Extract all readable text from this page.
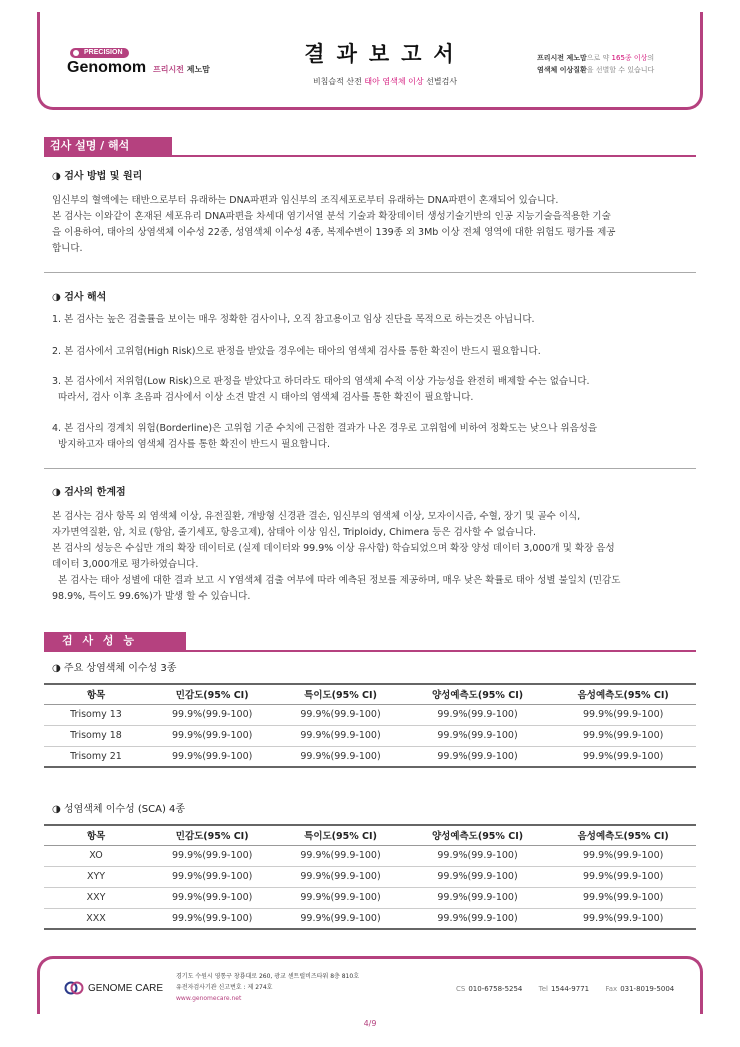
PRECISION
Genomom 프리시전 제노맘
결과보고서
비침습적 산전 태아 염색체 이상 선별검사
프리시전 제노맘으로 약 165종 이상의
염색체 이상질환을 선별할 수 있습니다
검사 설명 / 해석
◑ 검사 방법 및 원리
임신부의 혈액에는 태반으로부터 유래하는 DNA파편과 임신부의 조직세포로부터 유래하는 DNA파편이 혼재되어 있습니다.
본 검사는 이와같이 혼재된 세포유리 DNA파편을 차세대 염기서열 분석 기술과 확장데이터 생성기술기반의 인공 지능기술을적용한 기술
을 이용하여, 태아의 상염색체 이수성 22종, 성염색체 이수성 4종, 복제수변이 139종 외 3Mb 이상 전체 영역에 대한 위험도 평가를 제공
합니다.
◑ 검사 해석
1. 본 검사는 높은 검출률을 보이는 매우 정확한 검사이나, 오직 참고용이고 임상 진단을 목적으로 하는것은 아닙니다.
2. 본 검사에서 고위험(High Risk)으로 판정을 받았을 경우에는 태아의 염색체 검사를 통한 확진이 반드시 필요합니다.
3. 본 검사에서 저위험(Low Risk)으로 판정을 받았다고 하더라도 태아의 염색체 수적 이상 가능성을 완전히 배제할 수는 없습니다.
따라서, 검사 이후 초음파 검사에서 이상 소견 발견 시 태아의 염색체 검사를 통한 확진이 필요합니다.
4. 본 검사의 경계치 위험(Borderline)은 고위험 기준 수치에 근접한 결과가 나온 경우로 고위험에 비하여 정확도는 낮으나 위음성을
방지하고자 태아의 염색체 검사를 통한 확진이 반드시 필요합니다.
◑ 검사의 한계점
본 검사는 검사 항목 외 염색체 이상, 유전질환, 개방형 신경관 결손, 임신부의 염색체 이상, 모자이시즘, 수혈, 장기 및 골수 이식,
자가면역질환, 암, 치료 (항암, 줄기세포, 항응고제), 삼태아 이상 임신, Triploidy, Chimera 등은 검사할 수 없습니다.
본 검사의 성능은 수십만 개의 확장 데이터로 (실제 데이터와 99.9% 이상 유사함) 학습되었으며 확장 양성 데이터 3,000개 및 확장 음성
데이터 3,000개로 평가하였습니다.
본 검사는 태아 성별에 대한 결과 보고 시 Y염색체 검출 여부에 따라 예측된 정보를 제공하며, 매우 낮은 확률로 태아 성별 불일치 (민감도
98.9%, 특이도 99.6%)가 발생 할 수 있습니다.
검 사 성 능
◑ 주요 상염색체 이수성 3종
항목	민감도(95% CI)	특이도(95% CI)	양성예측도(95% CI)	음성예측도(95% CI)
Trisomy 13	99.9%(99.9-100)	99.9%(99.9-100)	99.9%(99.9-100)	99.9%(99.9-100)
Trisomy 18	99.9%(99.9-100)	99.9%(99.9-100)	99.9%(99.9-100)	99.9%(99.9-100)
Trisomy 21	99.9%(99.9-100)	99.9%(99.9-100)	99.9%(99.9-100)	99.9%(99.9-100)
◑ 성염색체 이수성 (SCA) 4종
항목	민감도(95% CI)	특이도(95% CI)	양성예측도(95% CI)	음성예측도(95% CI)
XO	99.9%(99.9-100)	99.9%(99.9-100)	99.9%(99.9-100)	99.9%(99.9-100)
XYY	99.9%(99.9-100)	99.9%(99.9-100)	99.9%(99.9-100)	99.9%(99.9-100)
XXY	99.9%(99.9-100)	99.9%(99.9-100)	99.9%(99.9-100)	99.9%(99.9-100)
XXX	99.9%(99.9-100)	99.9%(99.9-100)	99.9%(99.9-100)	99.9%(99.9-100)
GENOME CARE
경기도 수원시 영통구 창룡대로 260, 광교 센트럴비즈타워 8층 810호
유전자검사기관 신고번호 : 제 274호
www.genomecare.net
CS 010-6758-5254 Tel 1544-9771 Fax 031-8019-5004
4/9
